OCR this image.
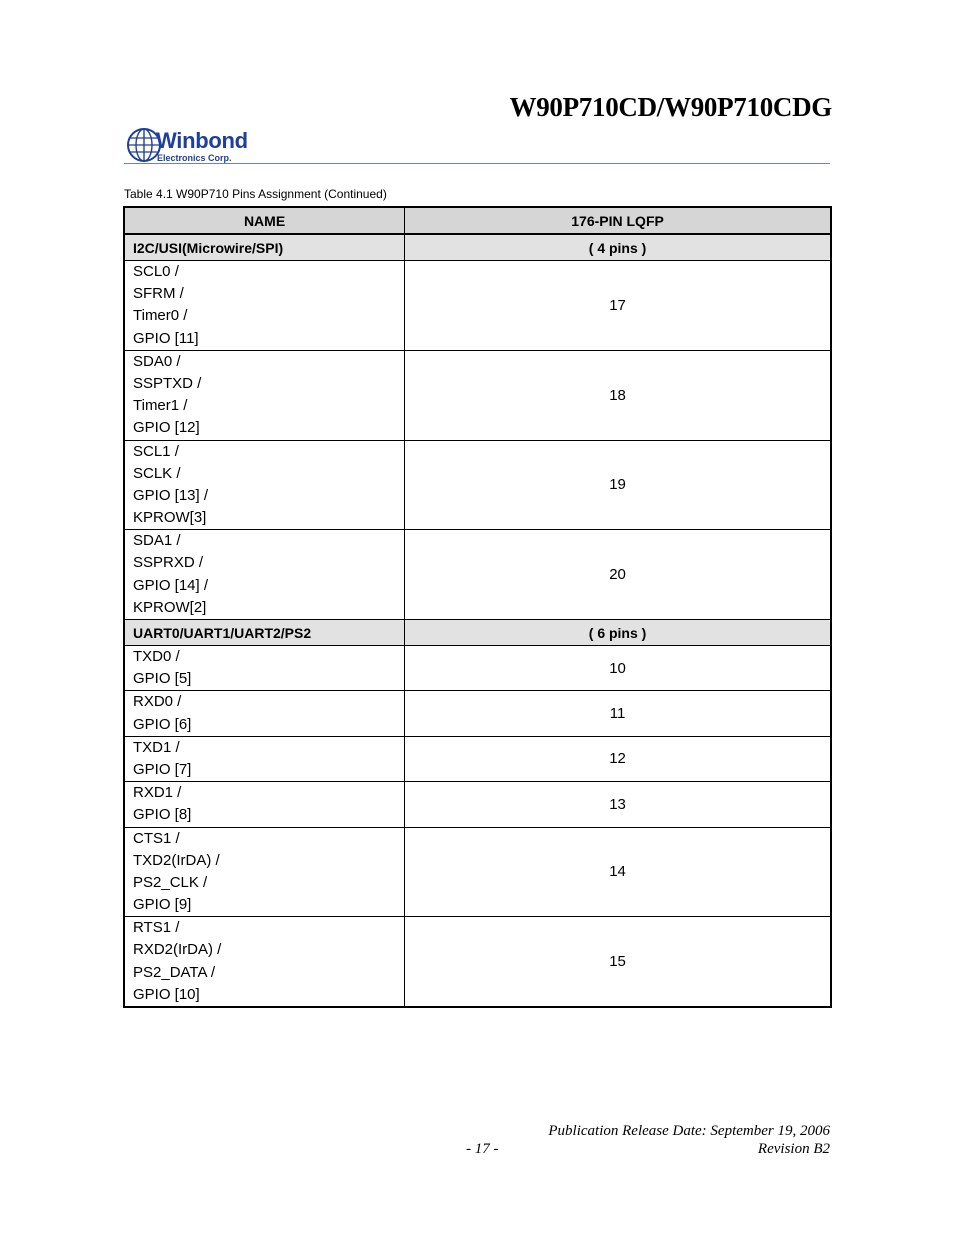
W90P710CD/W90P710CDG
Winbond
Electronics Corp.
Table 4.1 W90P710 Pins Assignment (Continued)
NAME	176-PIN LQFP
I2C/USI(Microwire/SPI)	( 4 pins )

SCL0 /
SFRM /
Timer0 /
GPIO [11]	17

SDA0 /
SSPTXD /
Timer1 /
GPIO [12]	18

SCL1 /
SCLK /
GPIO [13] /
KPROW[3]	19

SDA1 /
SSPRXD /
GPIO [14] /
KPROW[2]	20
UART0/UART1/UART2/PS2	( 6 pins )

TXD0 /
GPIO [5]	10

RXD0 /
GPIO [6]	11

TXD1 /
GPIO [7]	12

RXD1 /
GPIO [8]	13

CTS1 /
TXD2(IrDA) /
PS2_CLK /
GPIO [9]	14

RTS1 /
RXD2(IrDA) /
PS2_DATA /
GPIO [10]	15
Publication Release Date: September 19, 2006
- 17 -	Revision B2
